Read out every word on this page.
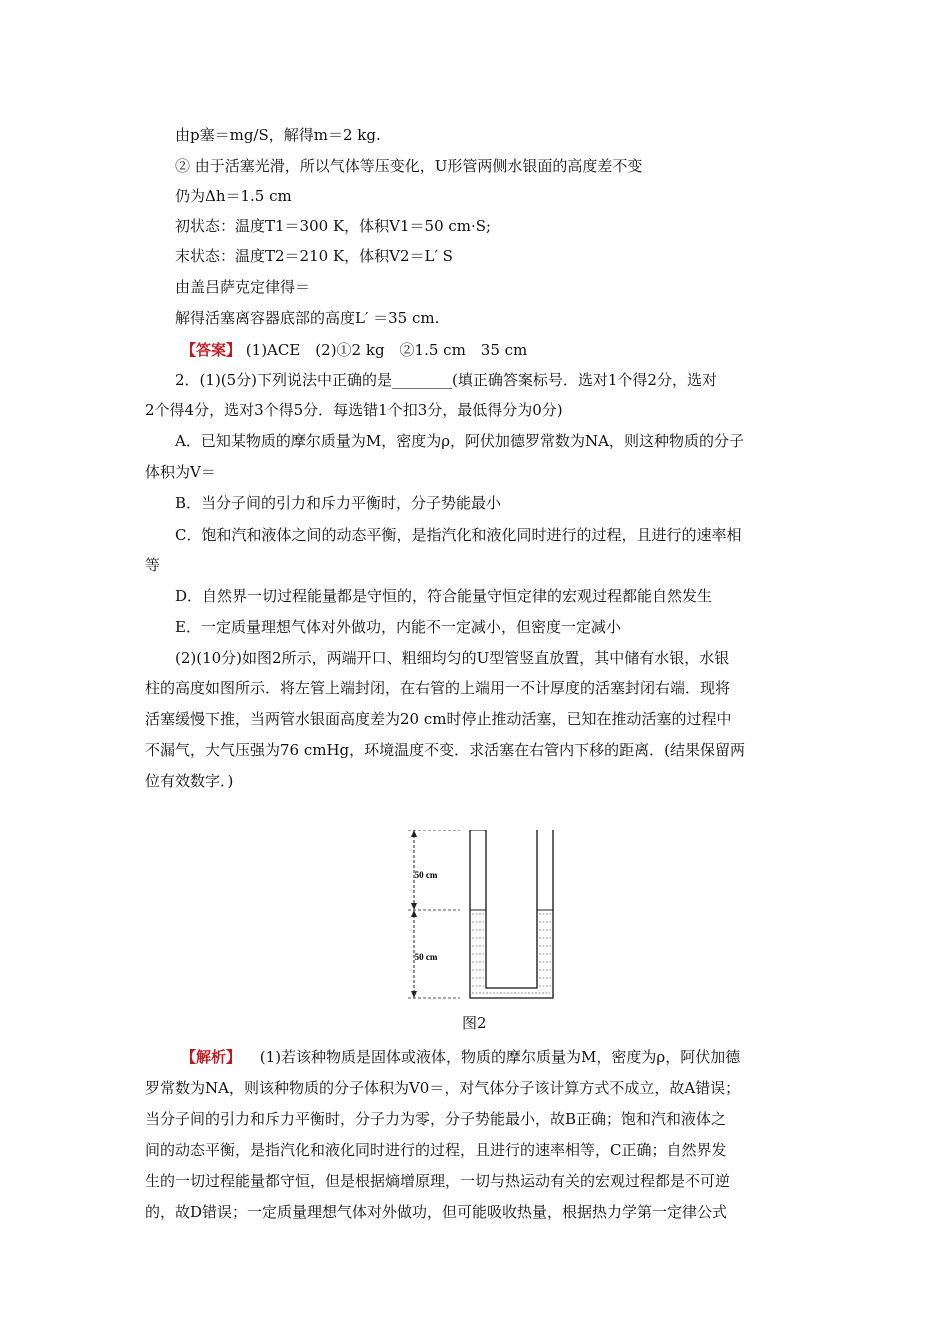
由p塞＝mg/S，解得m＝2 kg.
② 由于活塞光滑，所以气体等压变化，U形管两侧水银面的高度差不变
仍为Δh＝1.5 cm
初状态：温度T1＝300 K，体积V1＝50 cm·S;
末状态：温度T2＝210 K，体积V2＝L′ S
由盖吕萨克定律得＝
解得活塞离容器底部的高度L′ ＝35 cm.
【答案】 (1)ACE　(2)①2 kg　②1.5 cm　35 cm
2．(1)(5分)下列说法中正确的是________(填正确答案标号．选对1个得2分，选对
2个得4分，选对3个得5分．每选错1个扣3分，最低得分为0分)
A．已知某物质的摩尔质量为M，密度为ρ，阿伏加德罗常数为NA，则这种物质的分子
体积为V＝
B．当分子间的引力和斥力平衡时，分子势能最小
C．饱和汽和液体之间的动态平衡，是指汽化和液化同时进行的过程，且进行的速率相
等
D．自然界一切过程能量都是守恒的，符合能量守恒定律的宏观过程都能自然发生
E．一定质量理想气体对外做功，内能不一定减小，但密度一定减小
(2)(10分)如图2所示，两端开口、粗细均匀的U型管竖直放置，其中储有水银，水银
柱的高度如图所示．将左管上端封闭，在右管的上端用一不计厚度的活塞封闭右端．现将
活塞缓慢下推，当两管水银面高度差为20 cm时停止推动活塞，已知在推动活塞的过程中
不漏气，大气压强为76 cmHg，环境温度不变．求活塞在右管内下移的距离．(结果保留两
位有效数字．)
50 cm
50 cm
图2
【解析】 (1)若该种物质是固体或液体，物质的摩尔质量为M，密度为ρ，阿伏加德
罗常数为NA，则该种物质的分子体积为V0＝，对气体分子该计算方式不成立，故A错误；
当分子间的引力和斥力平衡时，分子力为零，分子势能最小，故B正确；饱和汽和液体之
间的动态平衡，是指汽化和液化同时进行的过程，且进行的速率相等，C正确；自然界发
生的一切过程能量都守恒，但是根据熵增原理，一切与热运动有关的宏观过程都是不可逆
的，故D错误；一定质量理想气体对外做功，但可能吸收热量，根据热力学第一定律公式
